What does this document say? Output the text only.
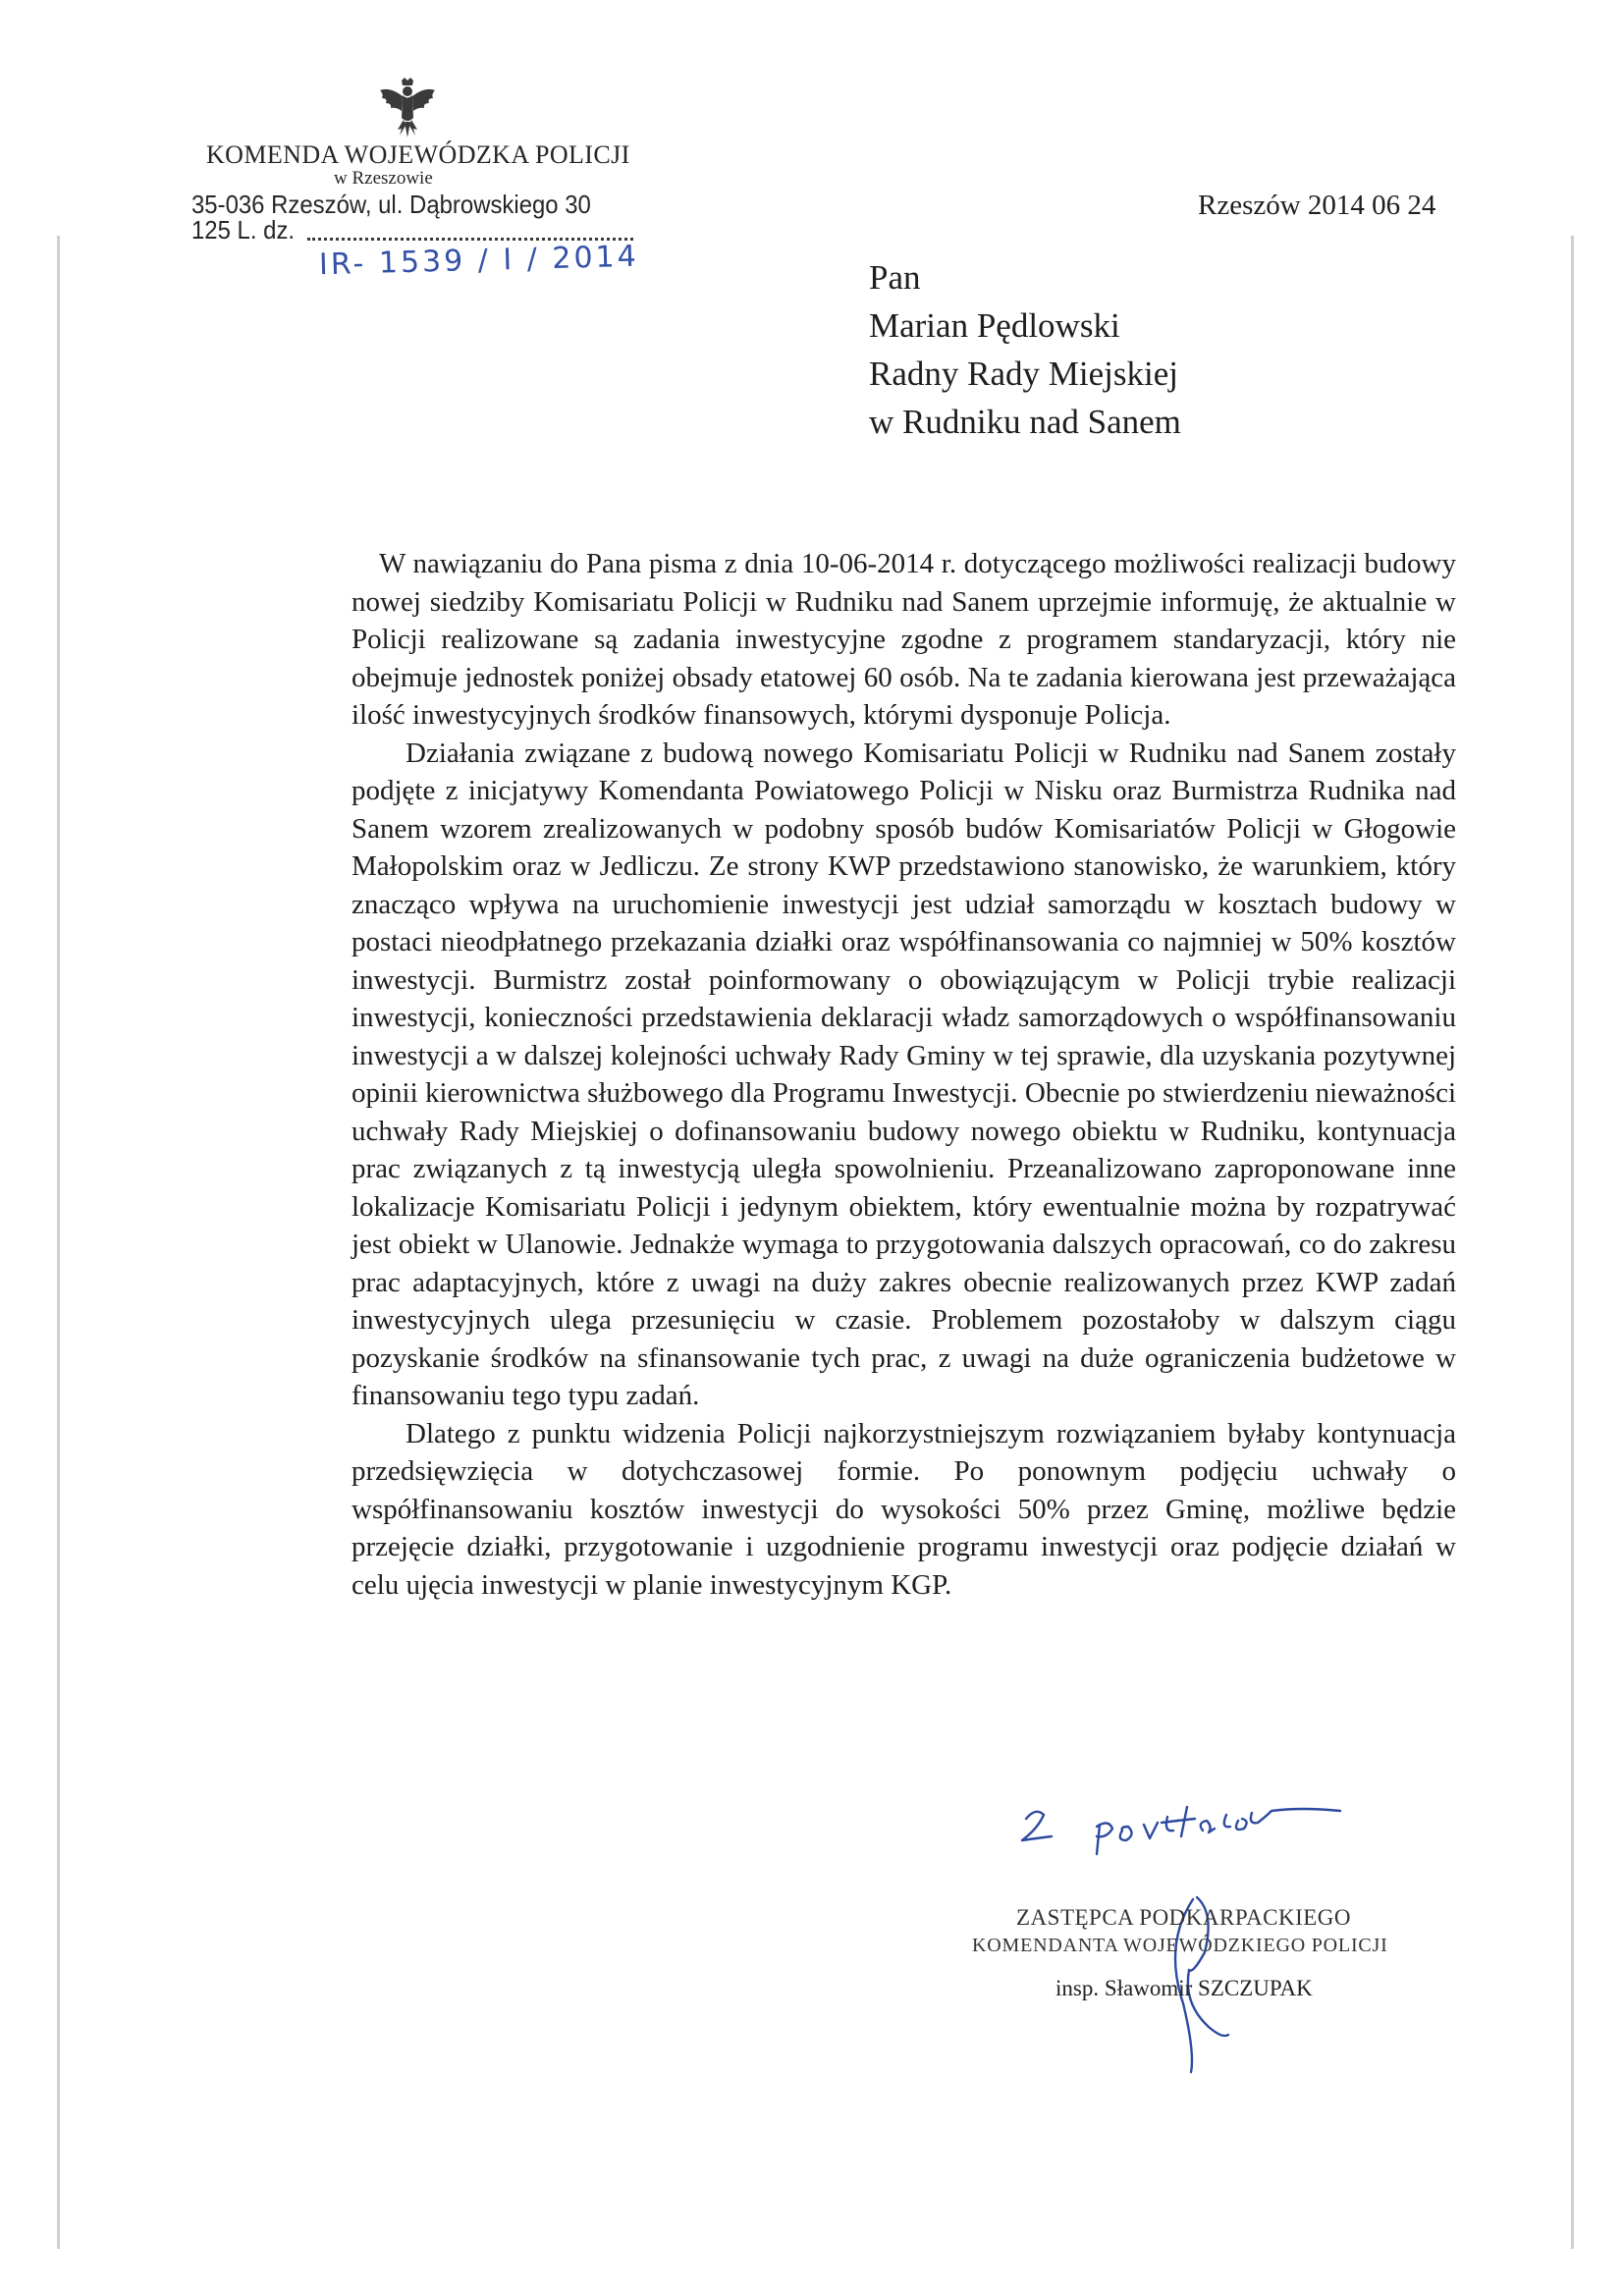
KOMENDA WOJEWÓDZKA POLICJI
w Rzeszowie
35-036 Rzeszów, ul. Dąbrowskiego 30
125 L. dz.
IR- 1539 / I / 2014
Rzeszów 2014 06 24
Pan
Marian Pędlowski
Radny Rady Miejskiej
w Rudniku nad Sanem

W nawiązaniu do Pana pisma z dnia 10-06-2014 r. dotyczącego możliwości realizacji budowy nowej siedziby Komisariatu Policji w Rudniku nad Sanem uprzejmie informuję, że aktualnie w Policji realizowane są zadania inwestycyjne zgodne z programem standaryzacji, który nie obejmuje jednostek poniżej obsady etatowej 60 osób. Na te zadania kierowana jest przeważająca ilość inwestycyjnych środków finansowych, którymi dysponuje Policja.

Działania związane z budową nowego Komisariatu Policji w Rudniku nad Sanem zostały podjęte z inicjatywy Komendanta Powiatowego Policji w Nisku oraz Burmistrza Rudnika nad Sanem wzorem zrealizowanych w podobny sposób budów Komisariatów Policji w Głogowie Małopolskim oraz w Jedliczu. Ze strony KWP przedstawiono stanowisko, że warunkiem, który znacząco wpływa na uruchomienie inwestycji jest udział samorządu w kosztach budowy w postaci nieodpłatnego przekazania działki oraz współfinansowania co najmniej w 50% kosztów inwestycji. Burmistrz został poinformowany o obowiązującym w Policji trybie realizacji inwestycji, konieczności przedstawienia deklaracji władz samorządowych o współfinansowaniu inwestycji a w dalszej kolejności uchwały Rady Gminy w tej sprawie, dla uzyskania pozytywnej opinii kierownictwa służbowego dla Programu Inwestycji. Obecnie po stwierdzeniu nieważności uchwały Rady Miejskiej o dofinansowaniu budowy nowego obiektu w Rudniku, kontynuacja prac związanych z tą inwestycją uległa spowolnieniu. Przeanalizowano zaproponowane inne lokalizacje Komisariatu Policji i jedynym obiektem, który ewentualnie można by rozpatrywać jest obiekt w Ulanowie. Jednakże wymaga to przygotowania dalszych opracowań, co do zakresu prac adaptacyjnych, które z uwagi na duży zakres obecnie realizowanych przez KWP zadań inwestycyjnych ulega przesunięciu w czasie. Problemem pozostałoby w dalszym ciągu pozyskanie środków na sfinansowanie tych prac, z uwagi na duże ograniczenia budżetowe w finansowaniu tego typu zadań.

Dlatego z punktu widzenia Policji najkorzystniejszym rozwiązaniem byłaby kontynuacja przedsięwzięcia w dotychczasowej formie. Po ponownym podjęciu uchwały o współfinansowaniu kosztów inwestycji do wysokości 50% przez Gminę, możliwe będzie przejęcie działki, przygotowanie i uzgodnienie programu inwestycji oraz podjęcie działań w celu ujęcia inwestycji w planie inwestycyjnym KGP.

ZASTĘPCA PODKARPACKIEGO
KOMENDANTA WOJEWÓDZKIEGO POLICJI
insp. Sławomir SZCZUPAK
